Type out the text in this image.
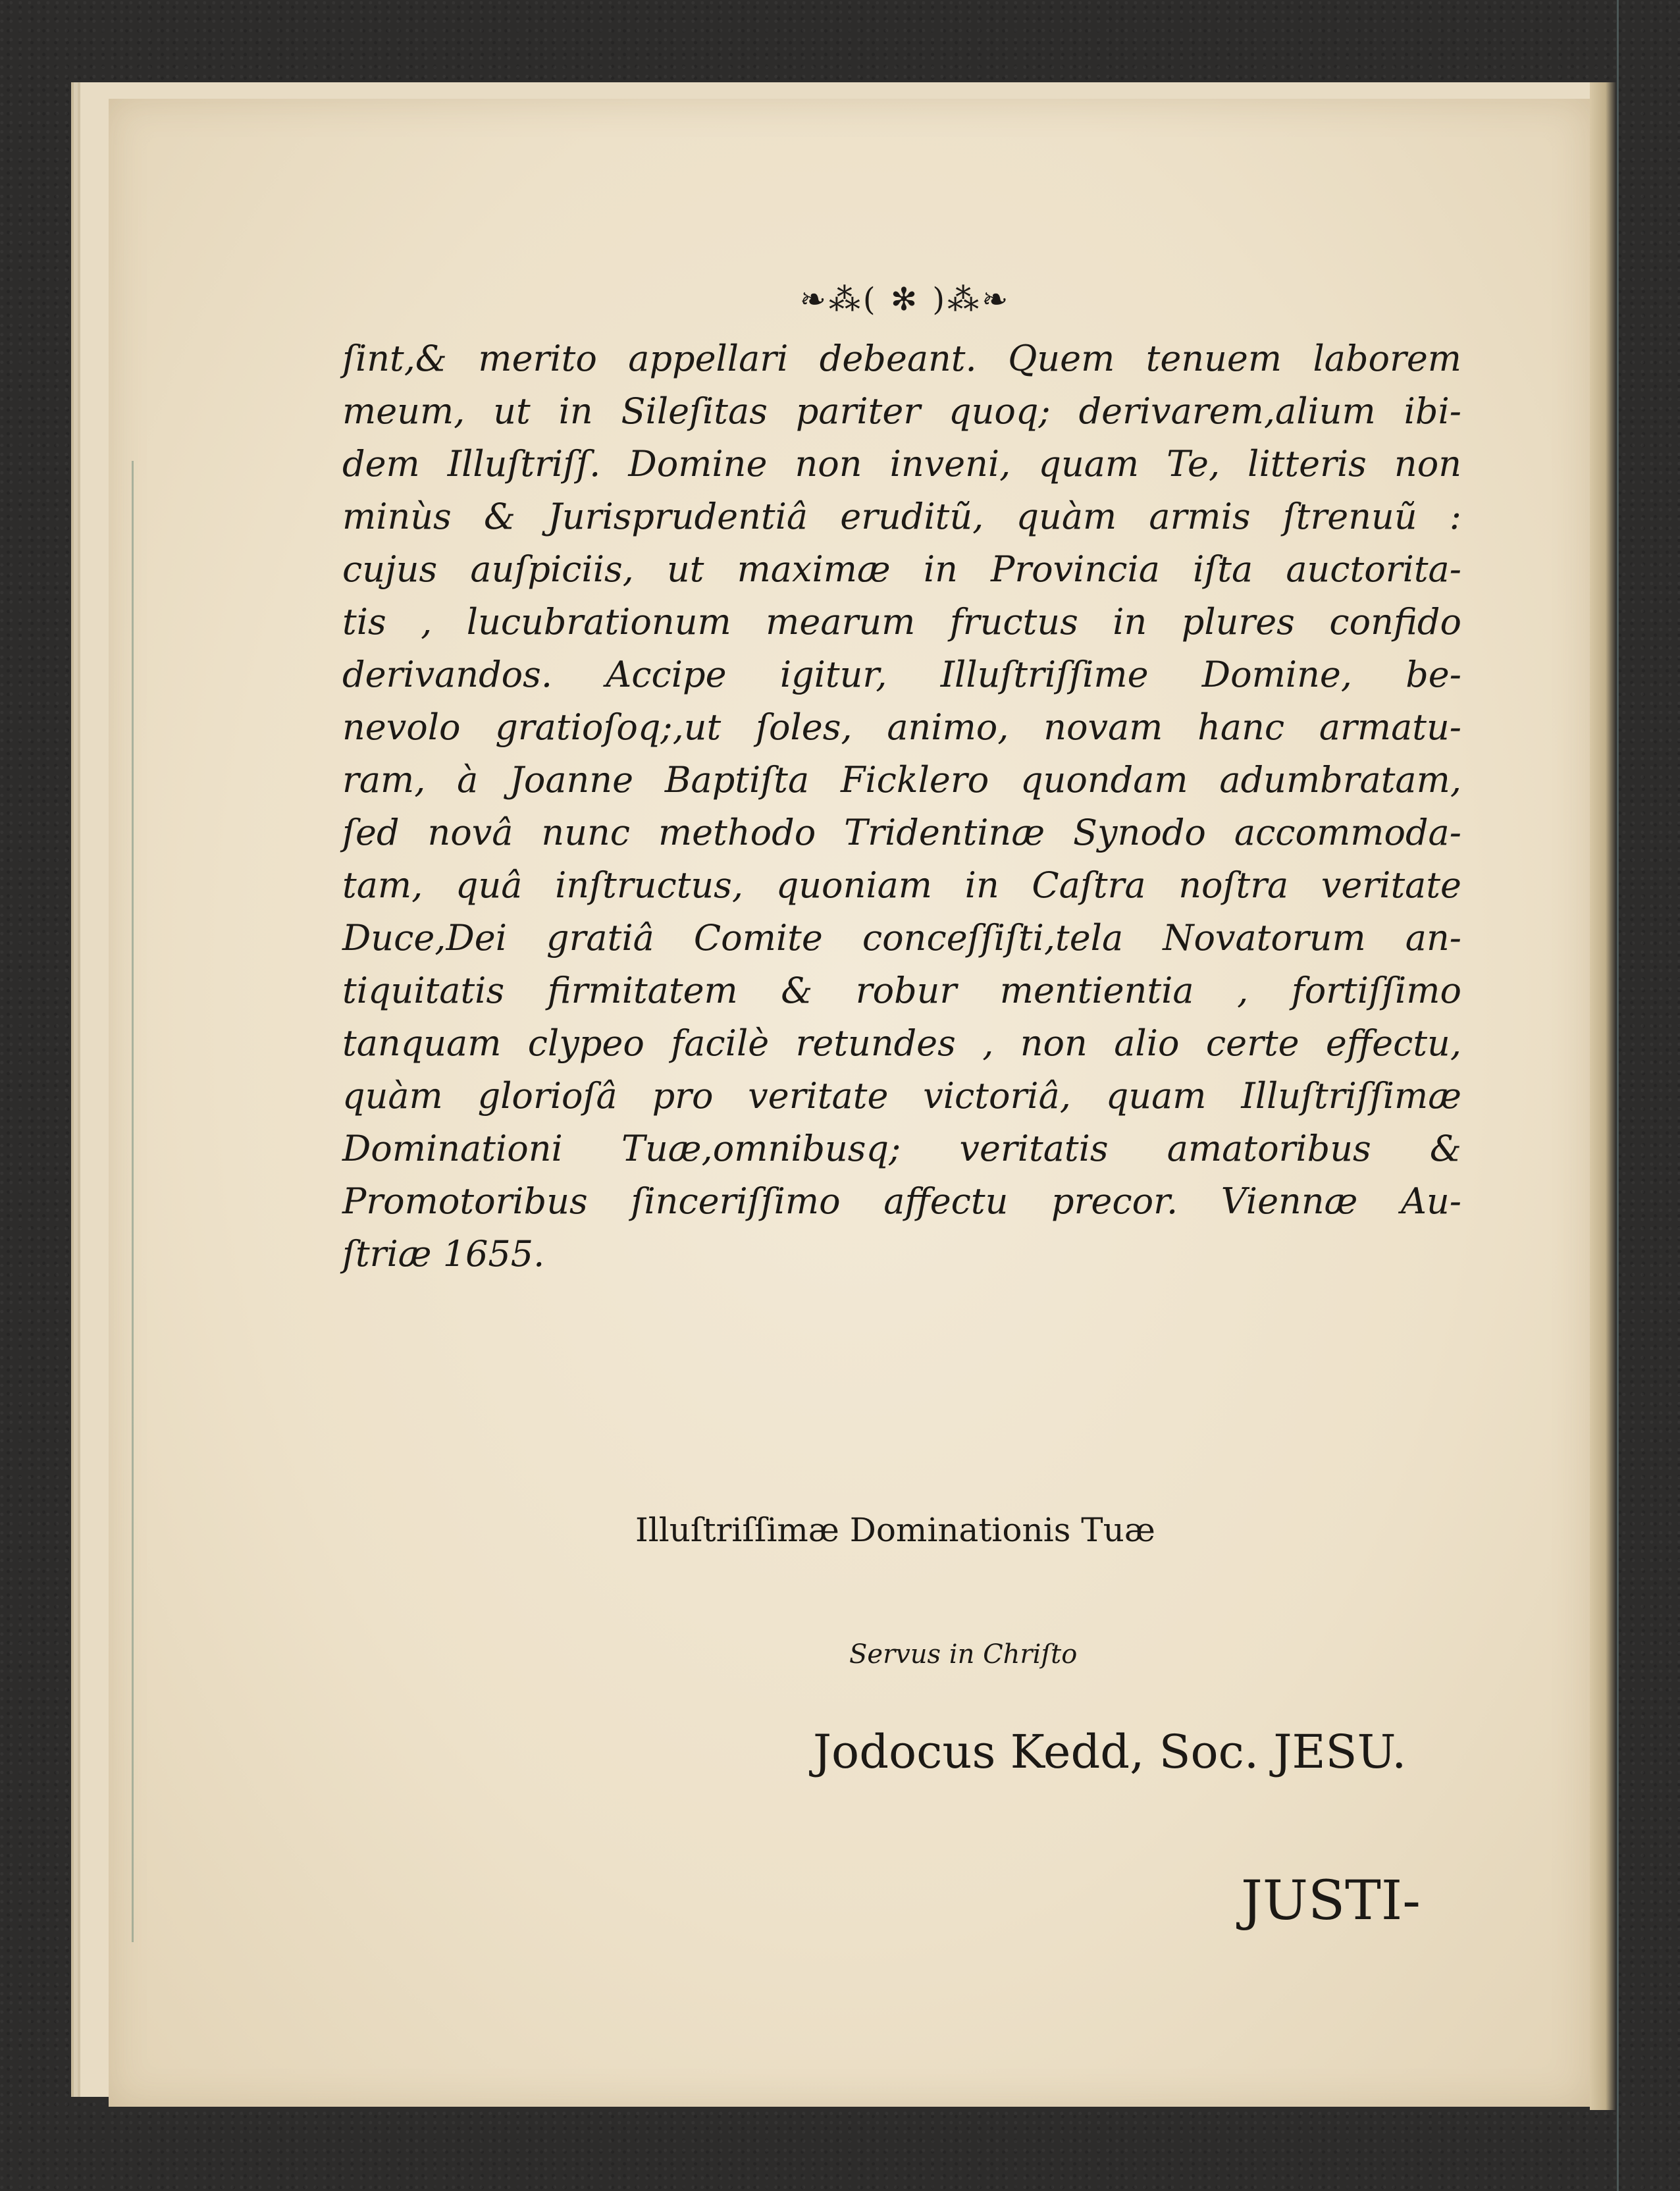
❧⁂( ✻ )⁂❧
ſint,& merito appellari debeant. Quem tenuem laborem
meum, ut in Sileſitas pariter quoq; derivarem,alium ibi-
dem Illuſtriſſ. Domine non inveni, quam Te, litteris non
minùs & Jurisprudentiâ eruditũ, quàm armis ſtrenuũ :
cujus auſpiciis, ut maximæ in Provincia iſta auctorita-
tis , lucubrationum mearum fructus in plures confido
derivandos. Accipe igitur, Illuſtriſſime Domine, be-
nevolo gratioſoq;,ut ſoles, animo, novam hanc armatu-
ram, à Joanne Baptiſta Ficklero quondam adumbratam,
ſed novâ nunc methodo Tridentinæ Synodo accommoda-
tam, quâ inſtructus, quoniam in Caſtra noſtra veritate
Duce,Dei gratiâ Comite conceſſiſti,tela Novatorum an-
tiquitatis firmitatem & robur mentientia , fortiſſimo
tanquam clypeo facilè retundes , non alio certe effectu,
quàm glorioſâ pro veritate victoriâ, quam Illuſtriſſimæ
Dominationi Tuæ,omnibusq; veritatis amatoribus &
Promotoribus ſinceriſſimo affectu precor. Viennæ Au-
ſtriæ 1655.
Illuſtriſſimæ Dominationis Tuæ
Servus in Chriſto
Jodocus Kedd, Soc. JESU.
JUSTI-
